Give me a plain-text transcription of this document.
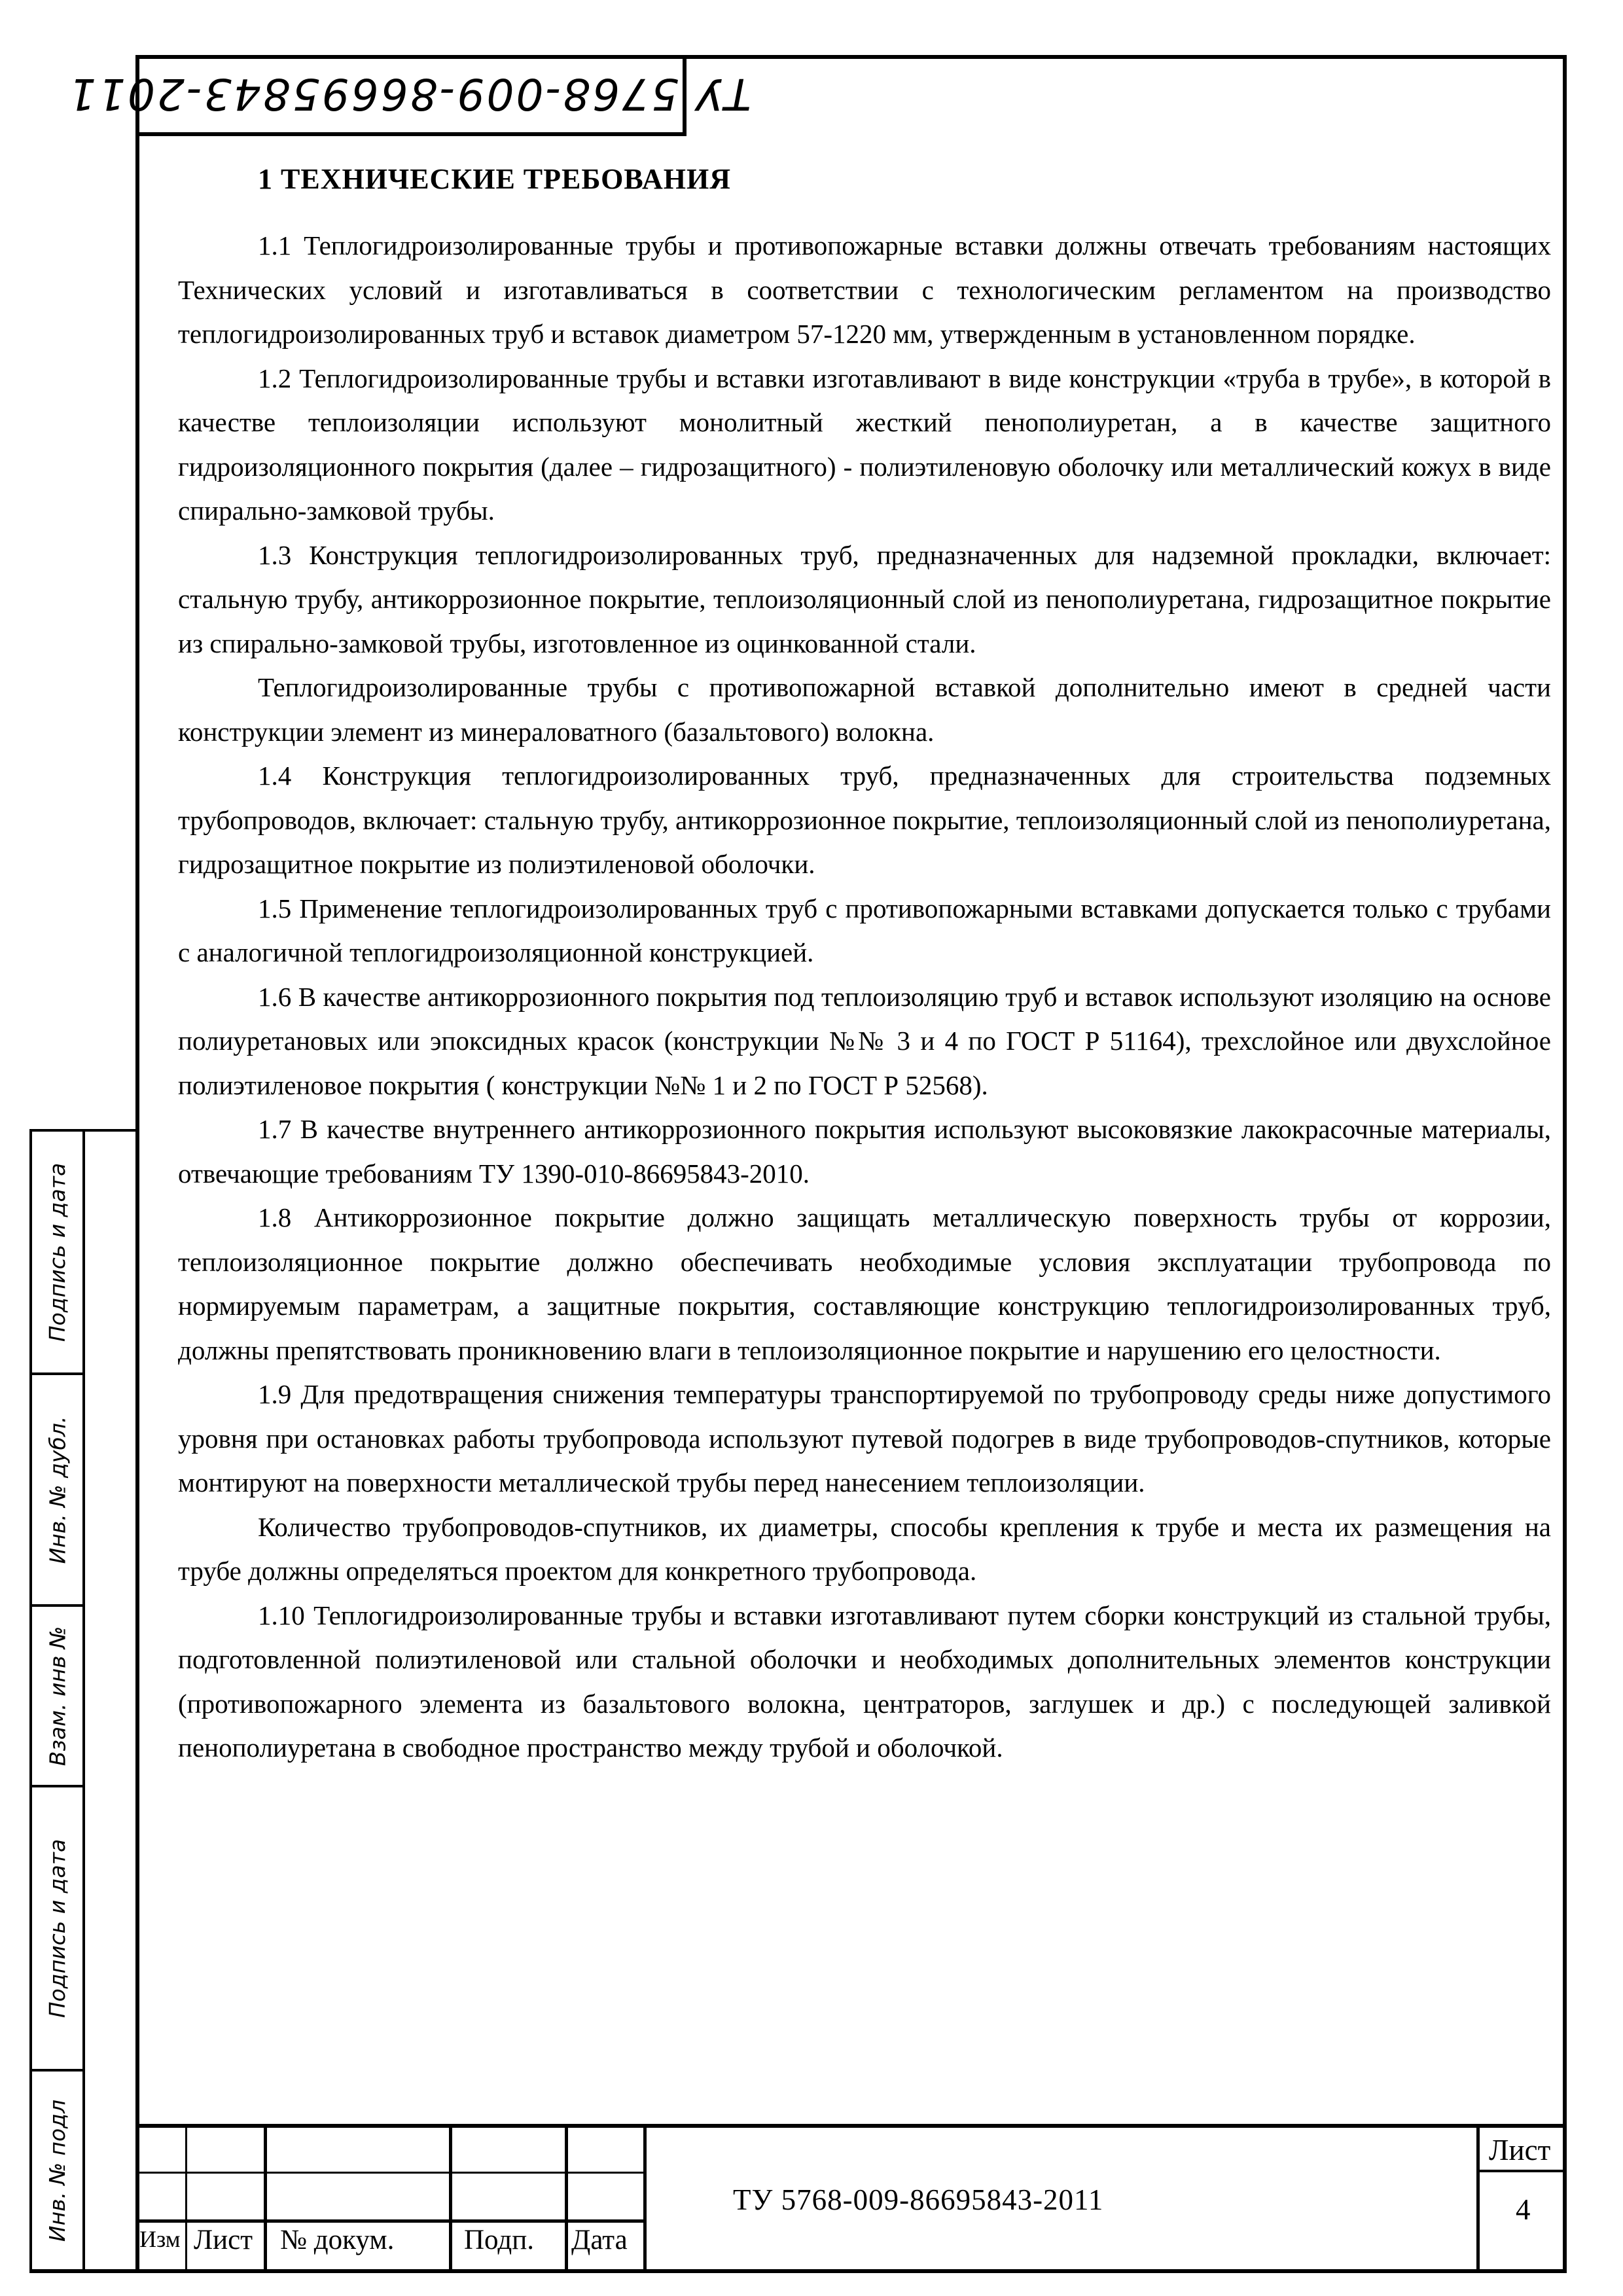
ТУ 5768-009-86695843-2011
Подпись и дата
Инв. № дубл.
Взам. инв №
Подпись и дата
Инв. № подл
1 ТЕХНИЧЕСКИЕ ТРЕБОВАНИЯ

1.1 Теплогидроизолированные трубы и противопожарные вставки должны отвечать требованиям настоящих Технических условий и изготавливаться в соответствии с технологическим регламентом на производство теплогидроизолированных труб и вставок диаметром 57-1220 мм, утвержденным в установленном порядке.

1.2 Теплогидроизолированные трубы и вставки изготавливают в виде конструкции «труба в трубе», в которой в качестве теплоизоляции используют монолитный жесткий пенополиуретан, а в качестве защитного гидроизоляционного покрытия (далее – гидрозащитного) - полиэтиленовую оболочку или металлический кожух в виде спирально-замковой трубы.

1.3 Конструкция теплогидроизолированных труб, предназначенных для надземной прокладки, включает: стальную трубу, антикоррозионное покрытие, теплоизоляционный слой из пенополиуретана, гидрозащитное покрытие из спирально-замковой трубы, изготовленное из оцинкованной стали.

Теплогидроизолированные трубы с противопожарной вставкой дополнительно имеют в средней части конструкции элемент из минераловатного (базальтового) волокна.

1.4 Конструкция теплогидроизолированных труб, предназначенных для строительства подземных трубопроводов, включает: стальную трубу, антикоррозионное покрытие, теплоизоляционный слой из пенополиуретана, гидрозащитное покрытие из полиэтиленовой оболочки.

1.5 Применение теплогидроизолированных труб с противопожарными вставками допускается только с трубами с аналогичной теплогидроизоляционной конструкцией.

1.6 В качестве антикоррозионного покрытия под теплоизоляцию труб и вставок используют изоляцию на основе полиуретановых или эпоксидных красок (конструкции №№ 3 и 4 по ГОСТ Р 51164), трехслойное или двухслойное полиэтиленовое покрытия ( конструкции №№ 1 и 2 по ГОСТ Р 52568).

1.7 В качестве внутреннего антикоррозионного покрытия используют высоковязкие лакокрасочные материалы, отвечающие требованиям ТУ 1390-010-86695843-2010.

1.8 Антикоррозионное покрытие должно защищать металлическую поверхность трубы от коррозии, теплоизоляционное покрытие должно обеспечивать необходимые условия эксплуатации трубопровода по нормируемым параметрам, а защитные покрытия, составляющие конструкцию теплогидроизолированных труб, должны препятствовать проникновению влаги в теплоизоляционное покрытие и нарушению его целостности.

1.9 Для предотвращения снижения температуры транспортируемой по трубопроводу среды ниже допустимого уровня при остановках работы трубопровода используют путевой подогрев в виде трубопроводов-спутников, которые монтируют на поверхности металлической трубы перед нанесением теплоизоляции.

Количество трубопроводов-спутников, их диаметры, способы крепления к трубе и места их размещения на трубе должны определяться проектом для конкретного трубопровода.

1.10 Теплогидроизолированные трубы и вставки изготавливают путем сборки конструкций из стальной трубы, подготовленной полиэтиленовой или стальной оболочки и необходимых дополнительных элементов конструкции (противопожарного элемента из базальтового волокна, центраторов, заглушек и др.) с последующей заливкой пенополиуретана в свободное пространство между трубой и оболочкой.

Изм Лист № докум. Подп. Дата
ТУ 5768-009-86695843-2011
Лист
4
